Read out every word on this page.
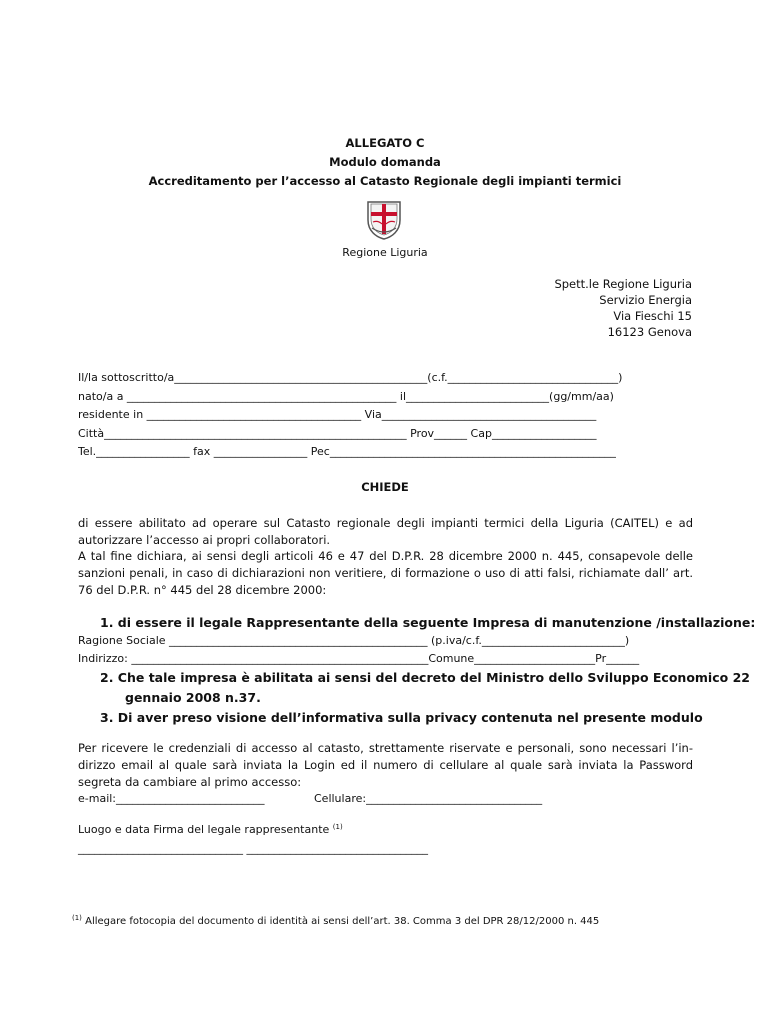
ALLEGATO C
Modulo domanda
Accreditamento per l’accesso al Catasto Regionale degli impianti termici
Regione Liguria
Spett.le Regione Liguria
Servizio Energia
Via Fieschi 15
16123 Genova
Il/la sottoscritto/a______________________________________________(c.f._______________________________)
nato/a a _________________________________________________ il__________________________(gg/mm/aa)
residente in _______________________________________ Via_______________________________________
Città_______________________________________________________ Prov______ Cap___________________
Tel._________________ fax _________________ Pec____________________________________________________
CHIEDE
di essere abilitato ad operare sul Catasto regionale degli impianti termici della Liguria (CAITEL) e ad autorizzare l’accesso ai propri collaboratori.
A tal fine dichiara, ai sensi degli articoli 46 e 47 del D.P.R. 28 dicembre 2000 n. 445, consapevole delle sanzioni penali, in caso di dichiarazioni non veritiere, di formazione o uso di atti falsi, richiamate dall’ art. 76 del D.P.R. n° 445 del 28 dicembre 2000:
1. di essere il legale Rappresentante della seguente Impresa di manutenzione /installazione:
Ragione Sociale _______________________________________________ (p.iva/c.f.__________________________)
Indirizzo: ______________________________________________________Comune______________________Pr______
2. Che tale impresa è abilitata ai sensi del decreto del Ministro dello Sviluppo Economico 22
gennaio 2008 n.37.
3. Di aver preso visione dell’informativa sulla privacy contenuta nel presente modulo
Per ricevere le credenziali di accesso al catasto, strettamente riservate e personali, sono necessari l’in-dirizzo email al quale sarà inviata la Login ed il numero di cellulare al quale sarà inviata la Password segreta da cambiare al primo accesso:
e-mail:___________________________	Cellulare:________________________________
Luogo e data Firma del legale rappresentante $^{(1)}$
______________________________ _________________________________
$^{(1)}$ Allegare fotocopia del documento di identità ai sensi dell’art. 38. Comma 3 del DPR 28/12/2000 n. 445
